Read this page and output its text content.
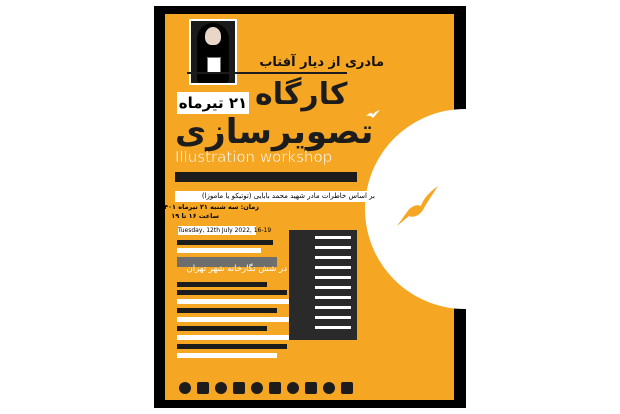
مادری از دیار آفتاب
۲۱ تیرماه کارگاه
تصویرسازی
Illustration workshop
بر اساس خاطرات مادر شهید محمد بابایی (توتیکو یا ماموزا)
زمان: سه شنبه ۲۱ تیرماه ۱۴۰۱
ساعت ۱۶ تا ۱۹
Tuesday, 12th July 2022, 16-19
در شش نگارخانه شهر تهران
